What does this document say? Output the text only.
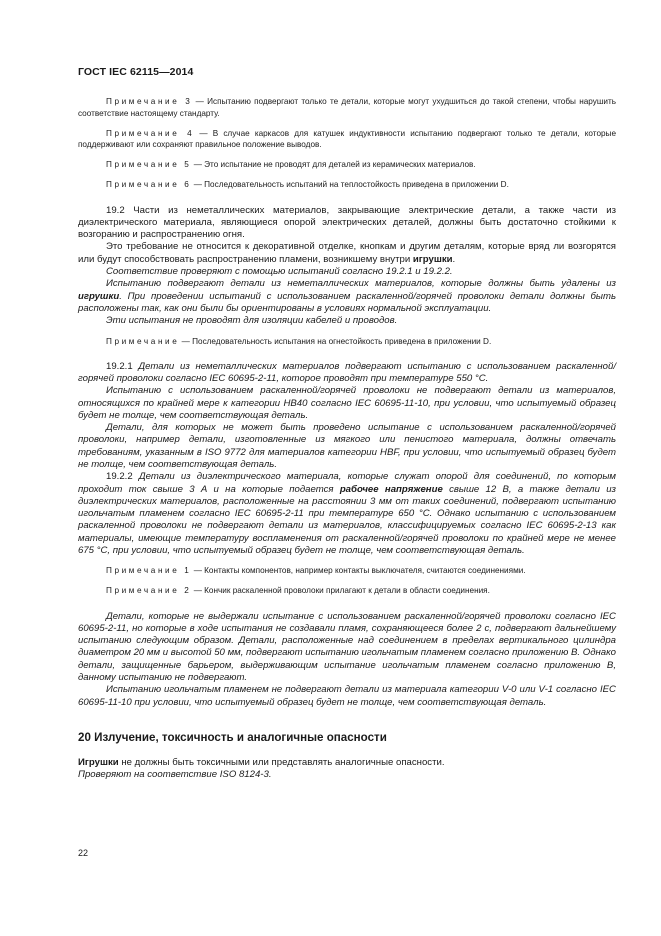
ГОСТ IEC 62115—2014

Примечание 3 — Испытанию подвергают только те детали, которые могут ухудшиться до такой степени, чтобы нарушить соответствие настоящему стандарту.

Примечание 4 — В случае каркасов для катушек индуктивности испытанию подвергают только те детали, которые поддерживают или сохраняют правильное положение выводов.

Примечание 5 — Это испытание не проводят для деталей из керамических материалов.

Примечание 6 — Последовательность испытаний на теплостойкость приведена в приложении D.

19.2 Части из неметаллических материалов, закрывающие электрические детали, а также части из диэлектрического материала, являющиеся опорой электрических деталей, должны быть достаточно стойкими к возгоранию и распространению огня.

Это требование не относится к декоративной отделке, кнопкам и другим деталям, которые вряд ли возгорятся или будут способствовать распространению пламени, возникшему внутри игрушки.

Соответствие проверяют с помощью испытаний согласно 19.2.1 и 19.2.2.

Испытанию подвергают детали из неметаллических материалов, которые должны быть удалены из игрушки. При проведении испытаний с использованием раскаленной/горячей проволоки детали должны быть расположены так, как они были бы ориентированы в условиях нормальной эксплуатации.

Эти испытания не проводят для изоляции кабелей и проводов.

Примечание — Последовательность испытания на огнестойкость приведена в приложении D.

19.2.1 Детали из неметаллических материалов подвергают испытанию с использованием раскаленной/горячей проволоки согласно IEC 60695-2-11, которое проводят при температуре 550 °C.

Испытанию с использованием раскаленной/горячей проволоки не подвергают детали из материалов, относящихся по крайней мере к категории HB40 согласно IEC 60695-11-10, при условии, что испытуемый образец будет не толще, чем соответствующая деталь.

Детали, для которых не может быть проведено испытание с использованием раскаленной/горячей проволоки, например детали, изготовленные из мягкого или пенистого материала, должны отвечать требованиям, указанным в ISO 9772 для материалов категории HBF, при условии, что испытуемый образец будет не толще, чем соответствующая деталь.

19.2.2 Детали из диэлектрического материала, которые служат опорой для соединений, по которым проходит ток свыше 3 А и на которые подается рабочее напряжение свыше 12 В, а также детали из диэлектрических материалов, расположенные на расстоянии 3 мм от таких соединений, подвергают испытанию игольчатым пламенем согласно IEC 60695-2-11 при температуре 650 °C. Однако испытанию с использованием раскаленной проволоки не подвергают детали из материалов, классифицируемых согласно IEC 60695-2-13 как материалы, имеющие температуру воспламенения от раскаленной/горячей проволоки по крайней мере не менее 675 °C, при условии, что испытуемый образец будет не толще, чем соответствующая деталь.

Примечание 1 — Контакты компонентов, например контакты выключателя, считаются соединениями.

Примечание 2 — Кончик раскаленной проволоки прилагают к детали в области соединения.

Детали, которые не выдержали испытание с использованием раскаленной/горячей проволоки согласно IEC 60695-2-11, но которые в ходе испытания не создавали пламя, сохраняющееся более 2 с, подвергают дальнейшему испытанию следующим образом. Детали, расположенные над соединением в пределах вертикального цилиндра диаметром 20 мм и высотой 50 мм, подвергают испытанию игольчатым пламенем согласно приложению B. Однако детали, защищенные барьером, выдерживающим испытание игольчатым пламенем согласно приложению B, данному испытанию не подвергают.

Испытанию игольчатым пламенем не подвергают детали из материала категории V-0 или V-1 согласно IEC 60695-11-10 при условии, что испытуемый образец будет не толще, чем соответствующая деталь.

20 Излучение, токсичность и аналогичные опасности

Игрушки не должны быть токсичными или представлять аналогичные опасности.

Проверяют на соответствие ISO 8124-3.

22
